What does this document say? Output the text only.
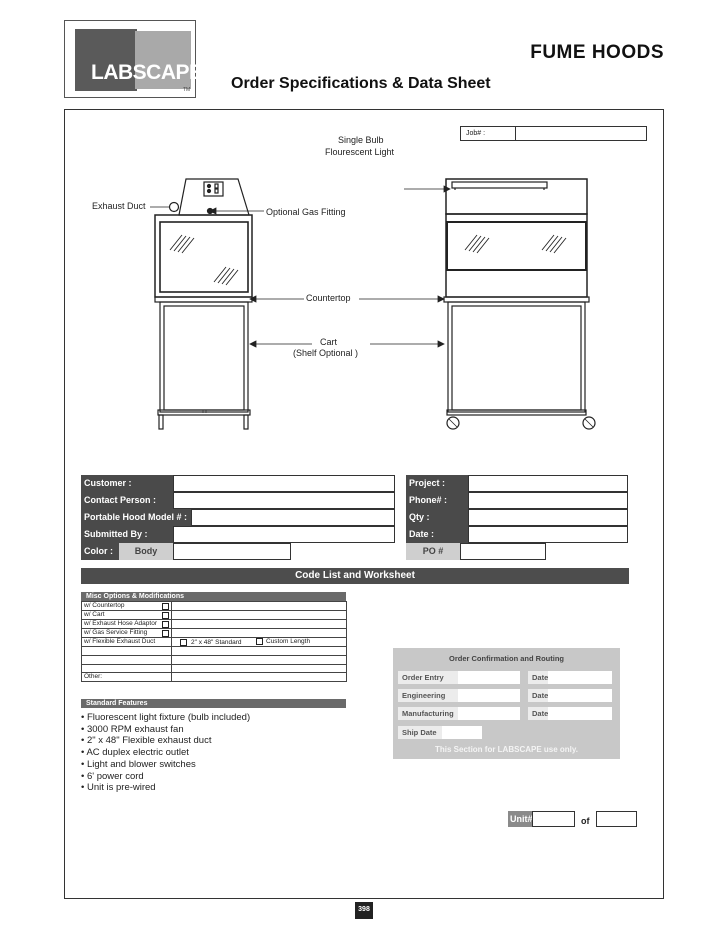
LABSCAPE
TM
FUME HOODS
Order Specifications & Data Sheet
Job# :
Single Bulb
Flourescent Light
Exhaust Duct
Optional Gas Fitting
Countertop
Cart
(Shelf Optional )
Customer :
Contact Person :
Portable Hood Model # :
Submitted By :
Color :	Body
Project :
Phone# :
Qty :
Date :
PO #
Code List and Worksheet
Misc Options & Modifications
w/ Countertop

w/ Cart

w/ Exhaust Hose Adaptor

w/ Gas Service Fitting

w/ Flexible Exhaust Duct	2" x 48" Standard Custom Length

Other:	
Standard Features
• Fluorescent light fixture (bulb included)
• 3000 RPM exhaust fan
• 2" x 48" Flexible exhaust duct
• AC duplex electric outlet
• Light and blower switches
• 6' power cord
• Unit is pre-wired
Order Confirmation and Routing
Order Entry	Date
Engineering	Date
Manufacturing	Date
Ship Date
This Section for LABSCAPE use only.
Unit#	of
398
